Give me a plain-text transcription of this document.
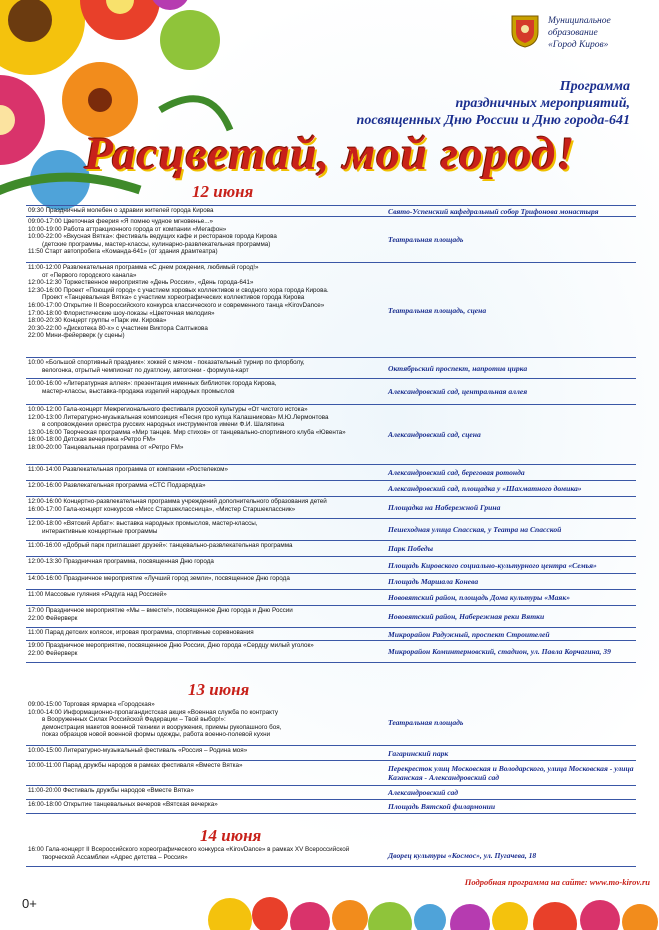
Муниципальное
образование
«Город Киров»
Программа
праздничных мероприятий,
посвященных Дню России и Дню города-641
Расцветай, мой город!
12 июня
09:30 Праздничный молебен о здравии жителей города Кирова	Свято-Успенский кафедральный собор Трифонова монастыря
09:00-17:00 Цветочная феерия «Я помню чудное мгновенье...»
10:00-19:00 Работа аттракционного города от компании «Мегафон»
10:00-22:00 «Вкусная Вятка»: фестиваль ведущих кафе и ресторанов города Кирова
(детские программы, мастер-классы, кулинарно-развлекательная программа)
11:50 Старт автопробега «Команда-641» (от здания драмтеатра)
Театральная площадь
11:00-12:00 Развлекательная программа «С днем рождения, любимый город!»
от «Первого городского канала»
12:00-12:30 Торжественное мероприятие «День России», «День города-641»
12:30-16:00 Проект «Поющий город» с участием хоровых коллективов и сводного хора города Кирова.
Проект «Танцевальная Вятка» с участием хореографических коллективов города Кирова
16:00-17:00 Открытие II Всероссийского конкурса классического и современного танца «KirovDance»
17:00-18:00 Флористические шоу-показы «Цветочная мелодия»
18:00-20:30 Концерт группы «Парк им. Кирова»
20:30-22:00 «Дискотека 80-х» с участием Виктора Салтыкова
22:00 Мини-фейерверк (у сцены)
Театральная площадь, сцена
10:00 «Большой спортивный праздник»: хоккей с мячом - показательный турнир по флорболу,
велогонка, отрытый чемпионат по дуатлону, автогонки - формула-карт	Октябрьский проспект, напротив цирка
10:00-16:00 «Литературная аллея»: презентация именных библиотек города Кирова,
мастер-классы, выставка-продажа изделий народных промыслов	Александровский сад, центральная аллея
10:00-12:00 Гала-концерт Межрегионального фестиваля русской культуры «От чистого истока»
12:00-13:00 Литературно-музыкальная композиция «Песня про купца Калашникова» М.Ю.Лермонтова
в сопровождении оркестра русских народных инструментов имени Ф.И. Шаляпина
13:00-16:00 Творческая программа «Мир танцев. Мир стихов» от танцевально-спортивного клуба «Ювента»
16:00-18:00 Детская вечеринка «Ретро FM»
18:00-20:00 Танцевальная программа от «Ретро FM»
Александровский сад, сцена
11:00-14:00 Развлекательная программа от компании «Ростелеком»	Александровский сад, береговая ротонда
12:00-16:00 Развлекательная программа «СТС Подзарядка»	Александровский сад, площадка у «Шахматного домика»
12:00-16:00 Концертно-развлекательная программа учреждений дополнительного образования детей
16:00-17:00 Гала-концерт конкурсов «Мисс Старшеклассница», «Мистер Старшеклассник»	Площадка на Набережной Грина
12:00-18:00 «Вятский Арбат»: выставка народных промыслов, мастер-классы,
интерактивные концертные программы	Пешеходная улица Спасская, у Театра на Спасской
11:00-16:00 «Добрый парк приглашает друзей»: танцевально-развлекательная программа	Парк Победы
12:00-13:30 Праздничная программа, посвященная Дню города	Площадь Кировского социально-культурного центра «Семья»
14:00-16:00 Праздничное мероприятие «Лучший город земли», посвященное Дню города	Площадь Маршала Конева
11:00 Массовые гуляния «Радуга над Россией»	Нововятский район, площадь Дома культуры «Маяк»
17:00 Праздничное мероприятие «Мы – вместе!», посвященное Дню города и Дню России
22:00 Фейерверк	Нововятский район, Набережная реки Вятки
11:00 Парад детских колясок, игровая программа, спортивные соревнования	Микрорайон Радужный, проспект Строителей
19:00 Праздничное мероприятие, посвященное Дню России, Дню города «Сердцу милый уголок»
22:00 Фейерверк	Микрорайон Коминтерновский, стадион, ул. Павла Корчагина, 39
13 июня
09:00-15:00 Торговая ярмарка «Городская»
10:00-14:00 Информационно-пропагандистская акция «Военная служба по контракту
в Вооруженных Силах Российской Федерации – Твой выбор!»:
демонстрация макетов военной техники и вооружения, приемы рукопашного боя,
показ образцов новой военной формы одежды, работа военно-полевой кухни
Театральная площадь
10:00-15:00 Литературно-музыкальный фестиваль «Россия – Родина моя»	Гагаринский парк
10:00-11:00 Парад дружбы народов в рамках фестиваля «Вместе Вятка»	Перекресток улиц Московская и Володарского, улица Московская - улица Казанская - Александровский сад
11:00-20:00 Фестиваль дружбы народов «Вместе Вятка»	Александровский сад
16:00-18:00 Открытие танцевальных вечеров «Вятская вечерка»	Площадь Вятской филармонии
14 июня
16:00 Гала-концерт II Всероссийского хореографического конкурса «KirovDance» в рамках XV Всероссийской
творческой Ассамблеи «Адрес детства – Россия»	Дворец культуры «Космос», ул. Пугачева, 18
Подробная программа на сайте: www.mo-kirov.ru
0+
